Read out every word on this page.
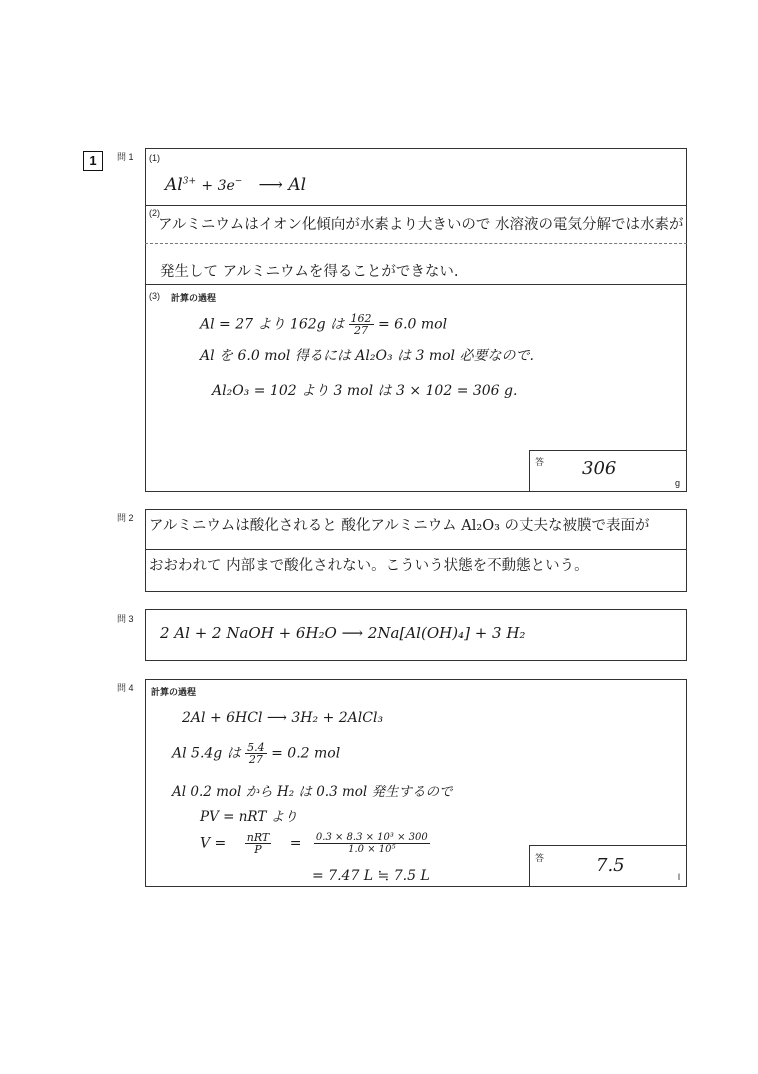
1	問 1 (1)
$Al^{3+} + 3e^-$ ⟶ Al
(2)
アルミニウムはイオン化傾向が水素より大きいので 水溶液の電気分解では水素が
発生して アルミニウムを得ることができない.
(3) 計算の過程
Al = 27 より 162g は $\frac{162}{27} = 6.0$ mol
Al を 6.0 mol 得るには Al₂O₃ は 3 mol 必要なので.
Al₂O₃ = 102 より 3 mol は 3 × 102 = 306 g.
答 306
g
問 2 アルミニウムは酸化されると 酸化アルミニウム Al₂O₃ の丈夫な被膜で表面が
おおわれて 内部まで酸化されない。こういう状態を不動態という。
問 3
2 Al + 2 NaOH + 6H₂O ⟶ 2Na[Al(OH)₄] + 3 H₂
問 4 計算の過程
2Al + 6HCl ⟶ 3H₂ + 2AlCl₃
Al 5.4g は $\frac{5.4}{27} = 0.2$ mol
Al 0.2 mol から H₂ は 0.3 mol 発生するので
PV = nRT より
$V = \frac{\text{nRT}}{P} = \frac{\text{0.3 × 8.3 × 10³ × 300}}{\text{1.0 × 10⁵}}$
= 7.47 L ≒ 7.5 L
答	7.5
l
